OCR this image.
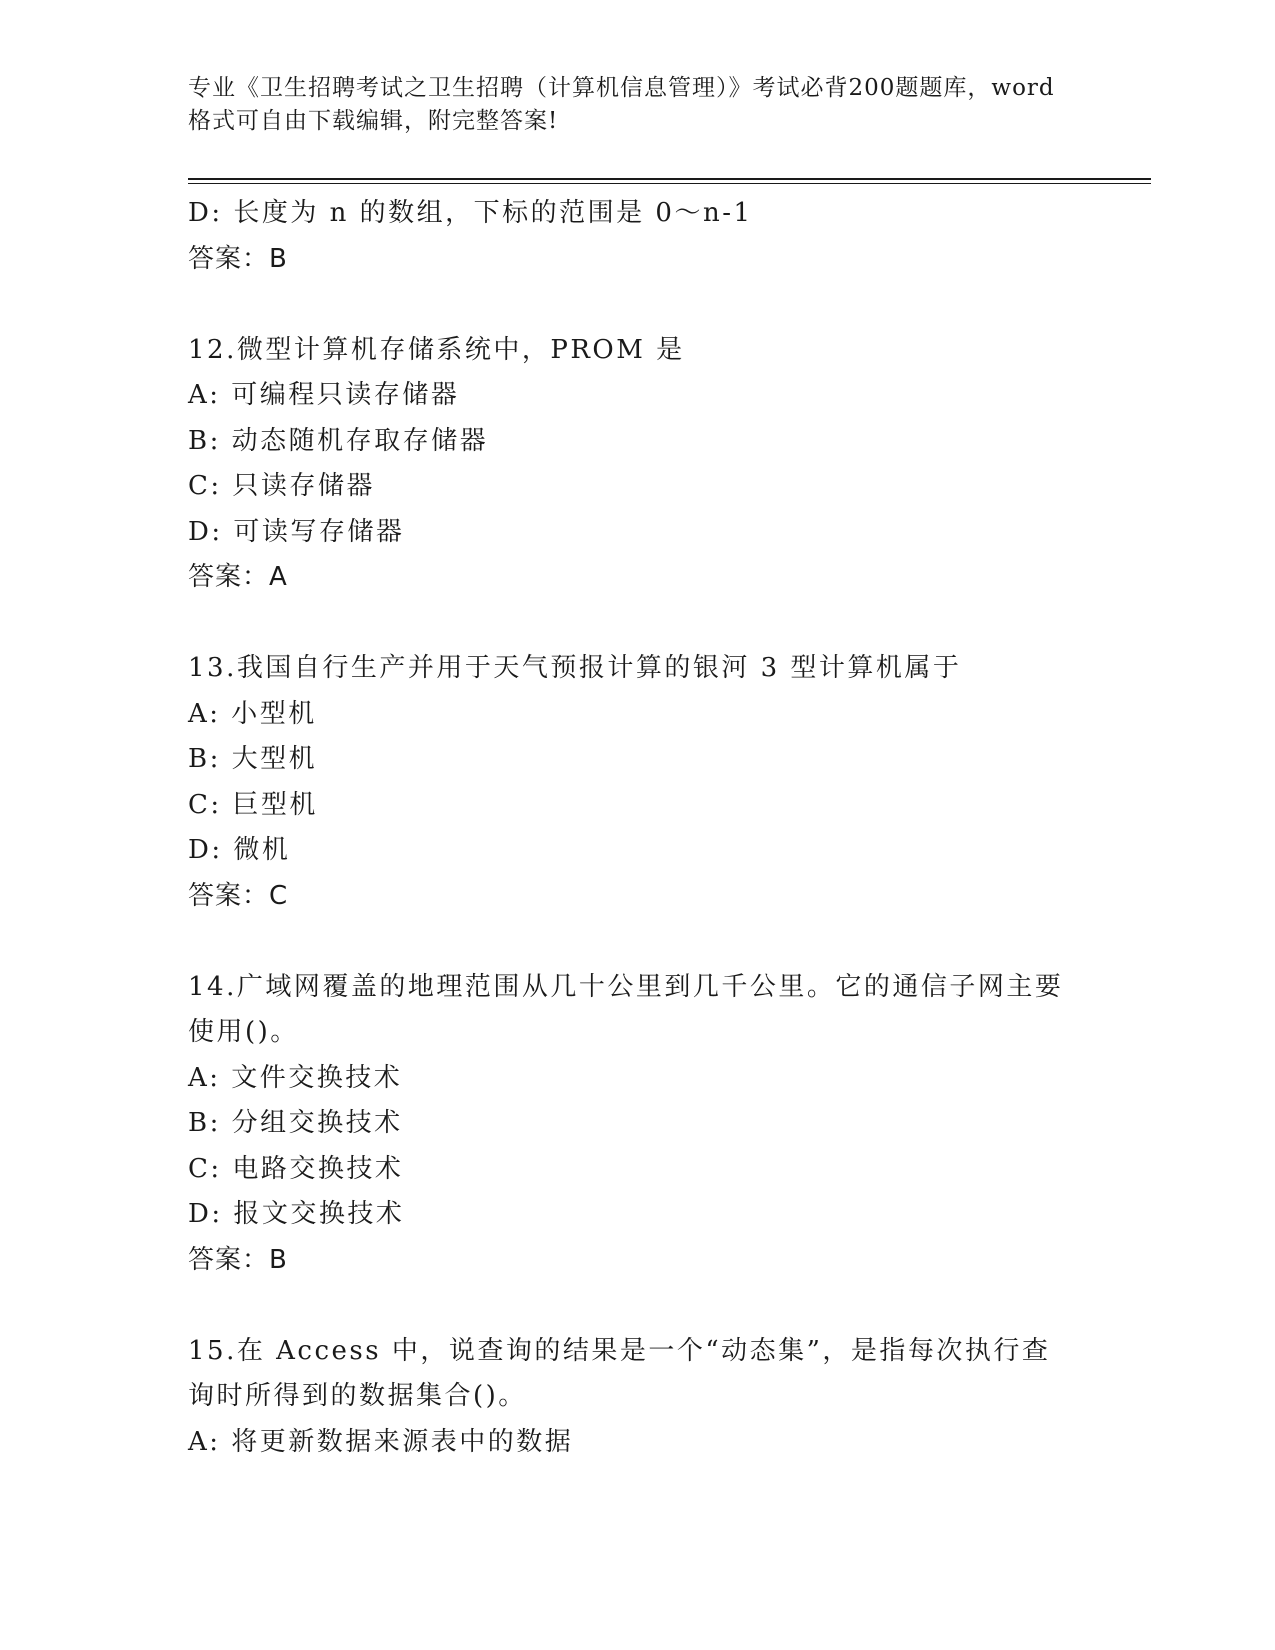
专业《卫生招聘考试之卫生招聘（计算机信息管理）》考试必背200题题库，word
格式可自由下载编辑，附完整答案!

D: 长度为 n 的数组，下标的范围是 0～n-1

答案：B

12.微型计算机存储系统中，PROM 是

A: 可编程只读存储器

B: 动态随机存取存储器

C: 只读存储器

D: 可读写存储器

答案：A

13.我国自行生产并用于天气预报计算的银河 3 型计算机属于

A: 小型机

B: 大型机

C: 巨型机

D: 微机

答案：C

14.广域网覆盖的地理范围从几十公里到几千公里。它的通信子网主要

使用()。

A: 文件交换技术

B: 分组交换技术

C: 电路交换技术

D: 报文交换技术

答案：B

15.在 Access 中，说查询的结果是一个“动态集”，是指每次执行查

询时所得到的数据集合()。

A: 将更新数据来源表中的数据
